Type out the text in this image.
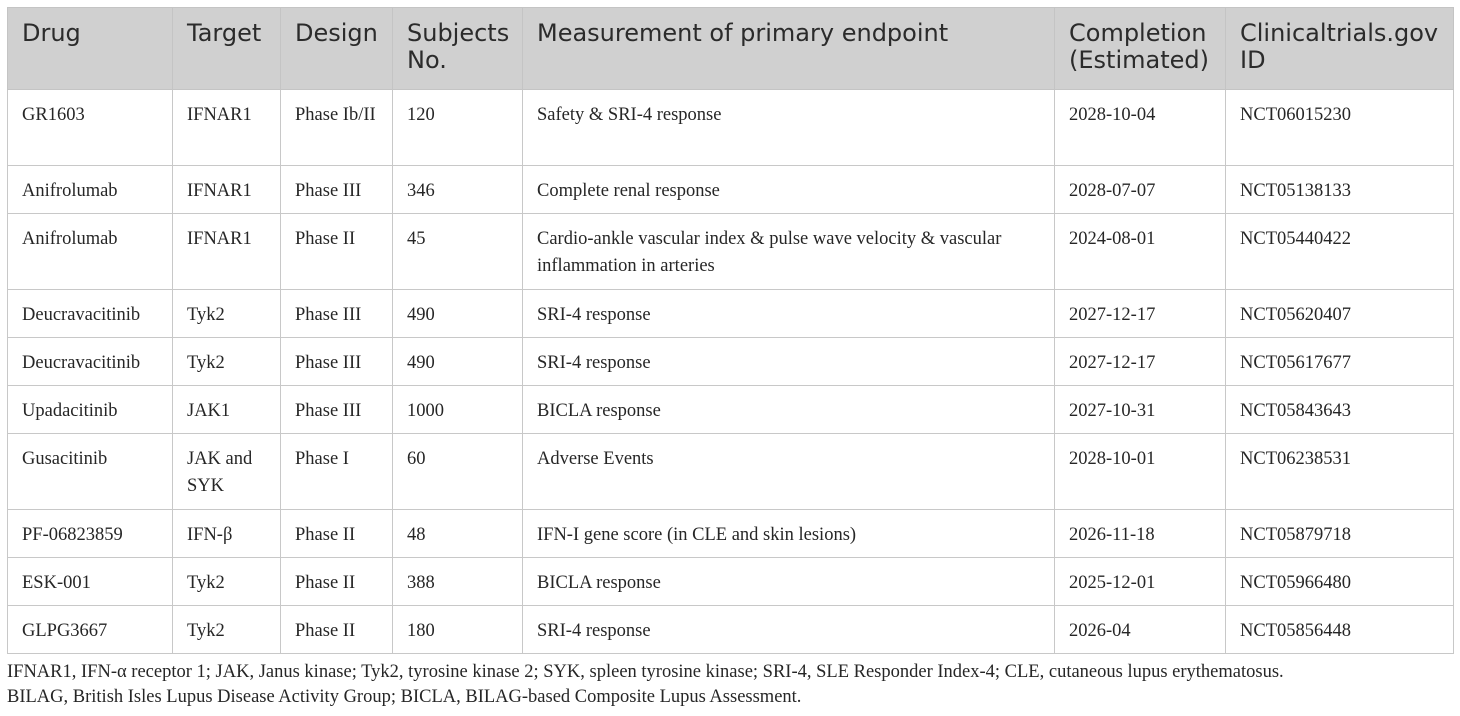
Drug	Target	Design	Subjects No.	Measurement of primary endpoint	Completion (Estimated)	Clinicaltrials.gov ID
GR1603	IFNAR1	Phase Ib/II	120	Safety & SRI-4 response	2028-10-04	NCT06015230
Anifrolumab	IFNAR1	Phase III	346	Complete renal response	2028-07-07	NCT05138133
Anifrolumab	IFNAR1	Phase II	45	Cardio-ankle vascular index & pulse wave velocity & vascular inflammation in arteries	2024-08-01	NCT05440422
Deucravacitinib	Tyk2	Phase III	490	SRI-4 response	2027-12-17	NCT05620407
Deucravacitinib	Tyk2	Phase III	490	SRI-4 response	2027-12-17	NCT05617677
Upadacitinib	JAK1	Phase III	1000	BICLA response	2027-10-31	NCT05843643
Gusacitinib	JAK and SYK	Phase I	60	Adverse Events	2028-10-01	NCT06238531
PF-06823859	IFN-β	Phase II	48	IFN-I gene score (in CLE and skin lesions)	2026-11-18	NCT05879718
ESK-001	Tyk2	Phase II	388	BICLA response	2025-12-01	NCT05966480
GLPG3667	Tyk2	Phase II	180	SRI-4 response	2026-04	NCT05856448

IFNAR1, IFN-α receptor 1; JAK, Janus kinase; Tyk2, tyrosine kinase 2; SYK, spleen tyrosine kinase; SRI-4, SLE Responder Index-4; CLE, cutaneous lupus erythematosus.

BILAG, British Isles Lupus Disease Activity Group; BICLA, BILAG-based Composite Lupus Assessment.
